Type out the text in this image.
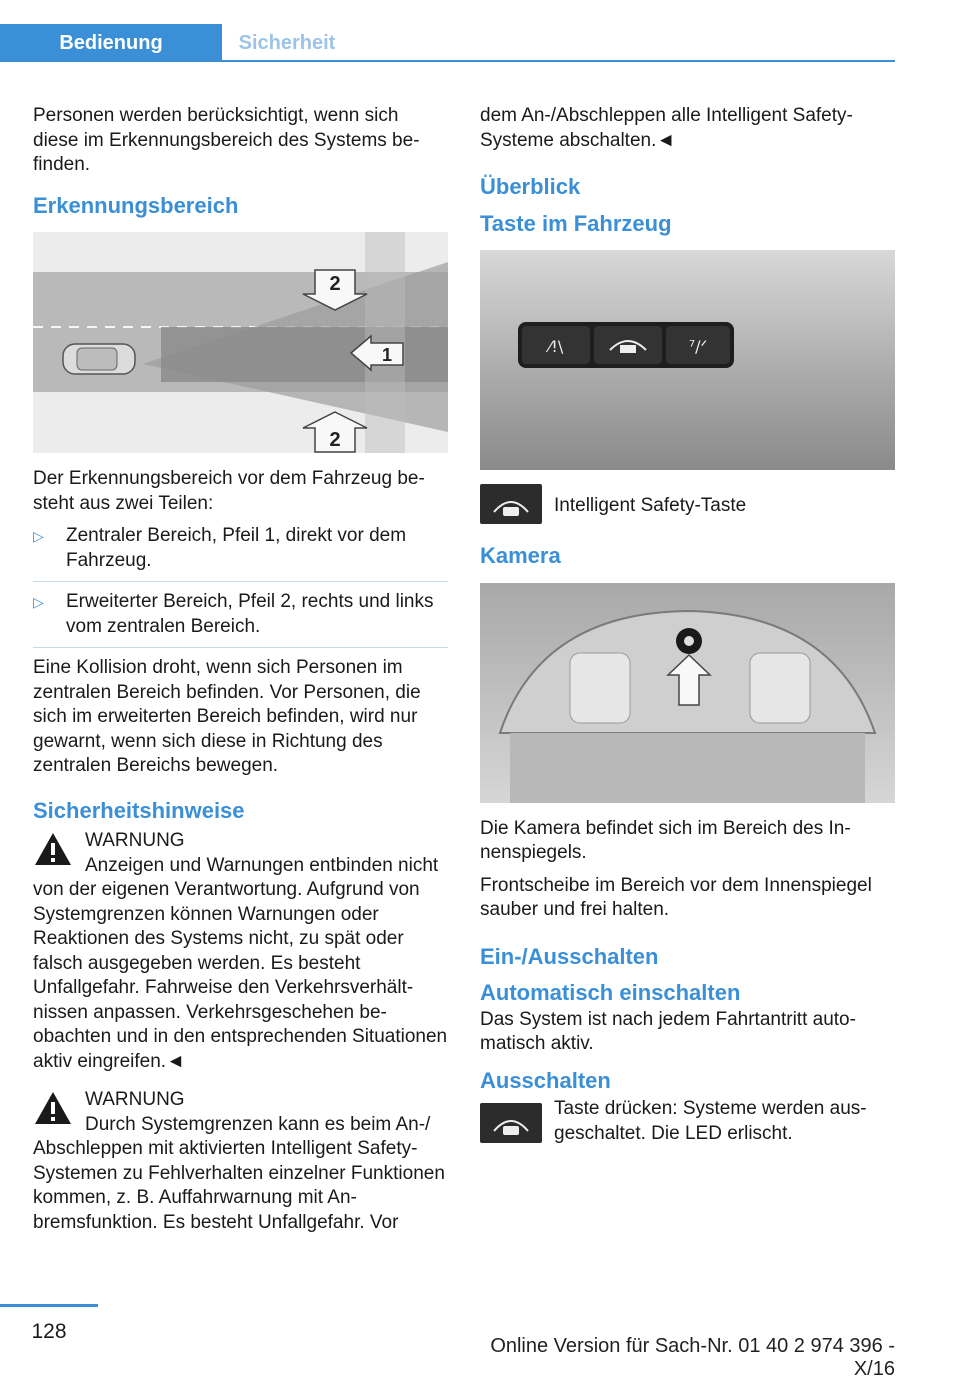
Bedienung	Sicherheit

Personen werden berücksichtigt, wenn sich diese im Erkennungsbereich des Systems befinden.

Erkennungsbereich
2
1
2

Der Erkennungsbereich vor dem Fahrzeug besteht aus zwei Teilen:

▷ Zentraler Bereich, Pfeil 1, direkt vor dem Fahrzeug.
▷ Erweiterter Bereich, Pfeil 2, rechts und links vom zentralen Bereich.

Eine Kollision droht, wenn sich Personen im zentralen Bereich befinden. Vor Personen, die sich im erweiterten Bereich befinden, wird nur gewarnt, wenn sich diese in Richtung des zentralen Bereichs bewegen.

Sicherheitshinweise
WARNUNG
Anzeigen und Warnungen entbinden nicht von der eigenen Verantwortung. Aufgrund von Systemgrenzen können Warnungen oder Reaktionen des Systems nicht, zu spät oder falsch ausgegeben werden. Es besteht Unfallgefahr. Fahrweise den Verkehrsverhältnissen anpassen. Verkehrsgeschehen beobachten und in den entsprechenden Situationen aktiv eingreifen.◄
WARNUNG
Durch Systemgrenzen kann es beim An-/ Abschleppen mit aktivierten Intelligent Safety-Systemen zu Fehlverhalten einzelner Funktionen kommen, z. B. Auffahrwarnung mit Anbremsfunktion. Es besteht Unfallgefahr. Vor

dem An-/Abschleppen alle Intelligent Safety-Systeme abschalten.◄

Überblick
Taste im Fahrzeug
⁄!\	⁷/ᐟ
Intelligent Safety-Taste
Kamera

Die Kamera befindet sich im Bereich des Innenspiegels.

Frontscheibe im Bereich vor dem Innenspiegel sauber und frei halten.

Ein-/Ausschalten
Automatisch einschalten

Das System ist nach jedem Fahrtantritt automatisch aktiv.

Ausschalten
Taste drücken: Systeme werden ausgeschaltet. Die LED erlischt.
128
Online Version für Sach-Nr. 01 40 2 974 396 - X/16
